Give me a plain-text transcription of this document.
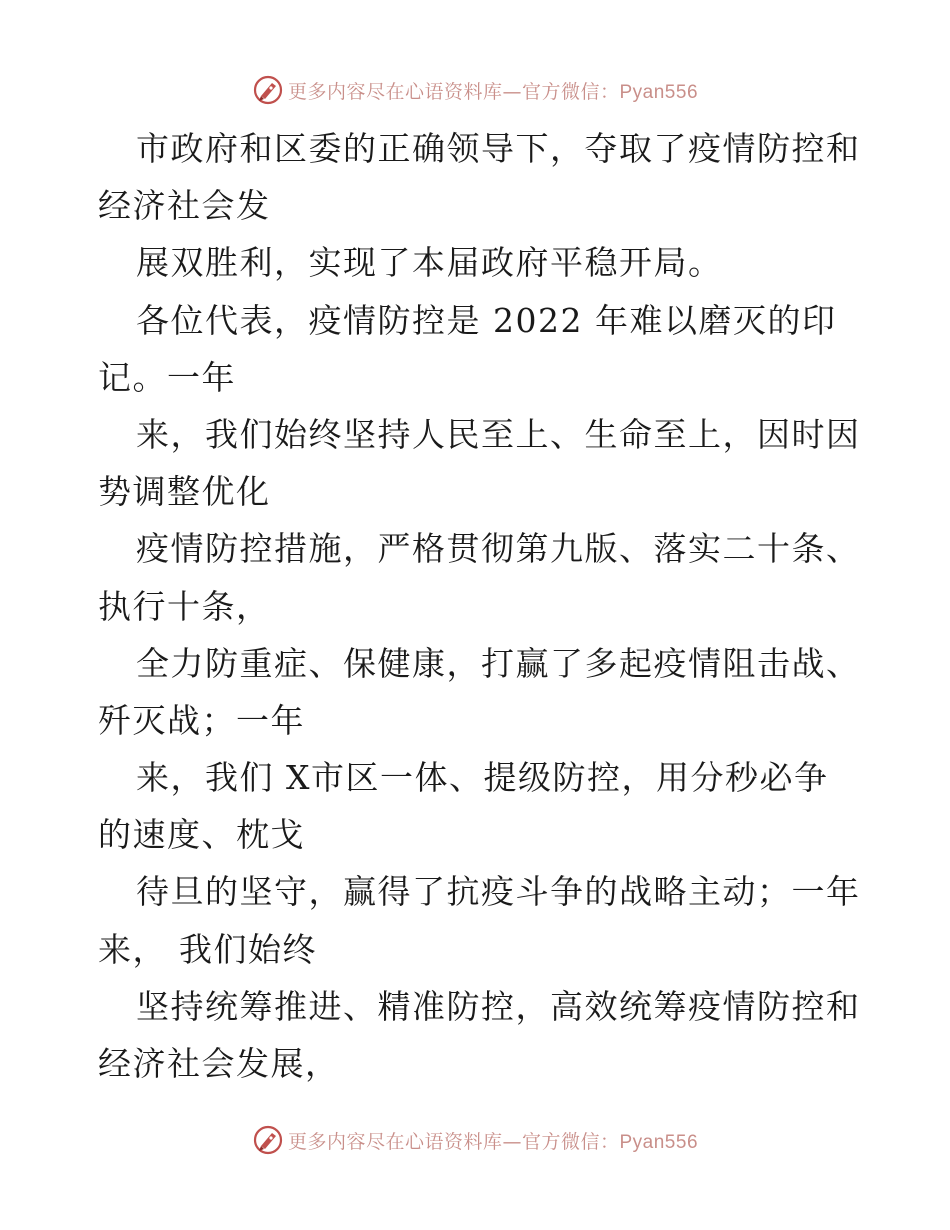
更多内容尽在心语资料库—官方微信：Pyan556
市政府和区委的正确领导下，夺取了疫情防控和
经济社会发
展双胜利，实现了本届政府平稳开局。
各位代表，疫情防控是 2022 年难以磨灭的印
记。一年
来，我们始终坚持人民至上、生命至上，因时因
势调整优化
疫情防控措施，严格贯彻第九版、落实二十条、
执行十条，
全力防重症、保健康，打赢了多起疫情阻击战、
歼灭战；一年
来，我们 X市区一体、提级防控，用分秒必争
的速度、枕戈
待旦的坚守，赢得了抗疫斗争的战略主动；一年
来， 我们始终
坚持统筹推进、精准防控，高效统筹疫情防控和
经济社会发展，
更多内容尽在心语资料库—官方微信：Pyan556
